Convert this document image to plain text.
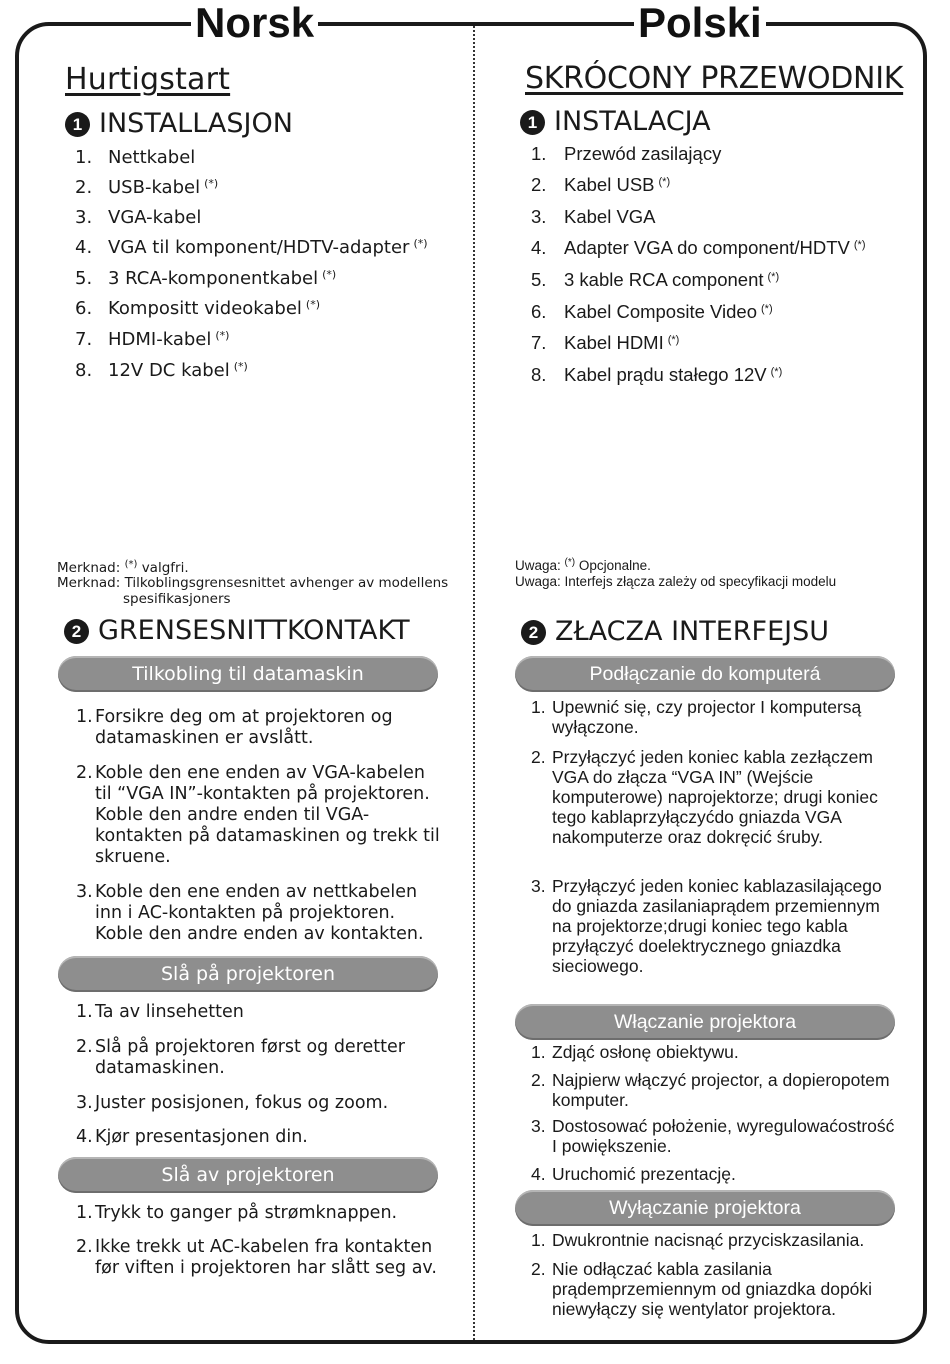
Norsk	Polski
Hurtigstart
1 INSTALLASJON
1. Nettkabel
2. USB-kabel (*)
3. VGA-kabel
4. VGA til komponent/HDTV-adapter (*)
5. 3 RCA-komponentkabel (*)
6. Kompositt videokabel (*)
7. HDMI-kabel (*)
8. 12V DC kabel (*)
Merknad: (*) valgfri.
Merknad: Tilkoblingsgrensesnittet avhenger av modellens
spesifikasjoners
2 GRENSESNITTKONTAKT
Tilkobling til datamaskin
1. Forsikre deg om at projektoren og datamaskinen er avslått.
2. Koble den ene enden av VGA-kabelen til “VGA IN”-kontakten på projektoren. Koble den andre enden til VGA-kontakten på datamaskinen og trekk til skruene.
3. Koble den ene enden av nettkabelen inn i AC-kontakten på projektoren. Koble den andre enden av kontakten.
Slå på projektoren
1. Ta av linsehetten
2. Slå på projektoren først og deretter datamaskinen.
3. Juster posisjonen, fokus og zoom.
4. Kjør presentasjonen din.
Slå av projektoren
1. Trykk to ganger på strømknappen.
2. Ikke trekk ut AC-kabelen fra kontakten før viften i projektoren har slått seg av.
SKRÓCONY PRZEWODNIK
1 INSTALACJA
1. Przewód zasilający
2. Kabel USB (*)
3. Kabel VGA
4. Adapter VGA do component/HDTV (*)
5. 3 kable RCA component (*)
6. Kabel Composite Video (*)
7. Kabel HDMI (*)
8. Kabel prądu stałego 12V (*)
Uwaga: (*) Opcjonalne.
Uwaga: Interfejs złącza zależy od specyfikacji modelu
2 ZŁACZA INTERFEJSU
Podłączanie do komputerá
1. Upewnić się, czy projector I komputersą wyłączone.
2. Przyłączyć jeden koniec kabla zezłączem VGA do złącza “VGA IN” (Wejście komputerowe) naprojektorze; drugi koniec tego kablaprzyłączyćdo gniazda VGA nakomputerze oraz dokręcić śruby.
3. Przyłączyć jeden koniec kablazasilającego do gniazda zasilaniaprądem przemiennym na projektorze;drugi koniec tego kabla przyłączyć doelektrycznego gniazdka sieciowego.
Włączanie projektora
1. Zdjąć osłonę obiektywu.
2. Najpierw włączyć projector, a dopieropotem komputer.
3. Dostosować położenie, wyregulowaćostrość I powiększenie.
4. Uruchomić prezentację.
Wyłączanie projektora
1. Dwukrontnie nacisnąć przyciskzasilania.
2. Nie odłączać kabla zasilania prądemprzemiennym od gniazdka dopóki niewyłączy się wentylator projektora.
